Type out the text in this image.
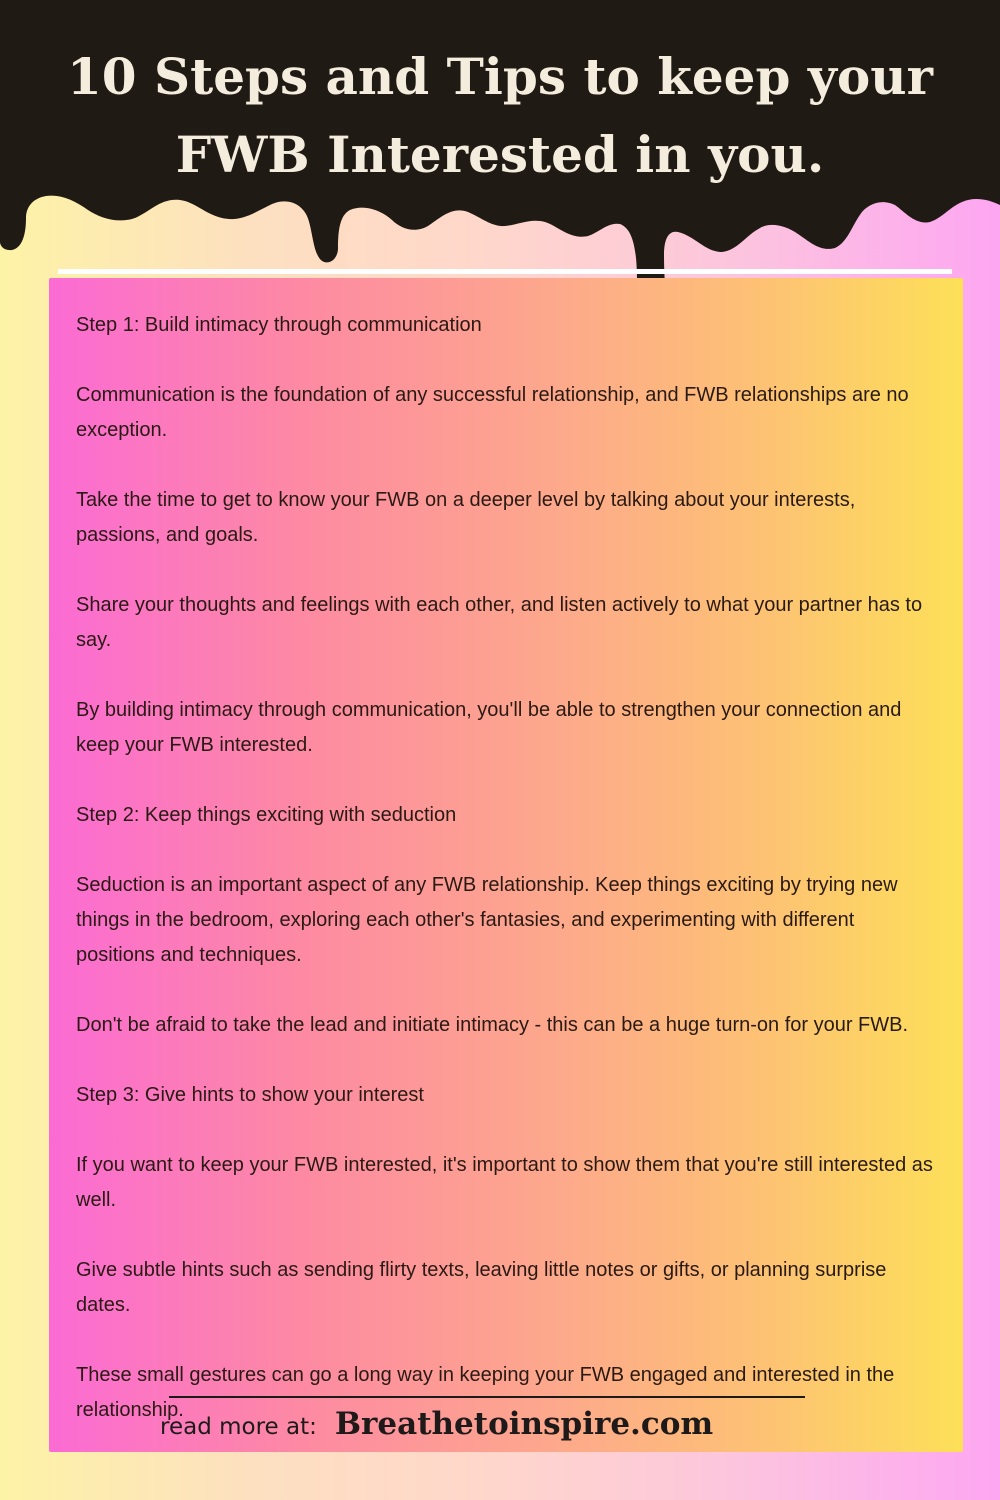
10 Steps and Tips to keep your
FWB Interested in you.

Step 1: Build intimacy through communication

Communication is the foundation of any successful relationship, and FWB relationships are no exception.

Take the time to get to know your FWB on a deeper level by talking about your interests, passions, and goals.

Share your thoughts and feelings with each other, and listen actively to what your partner has to say.

By building intimacy through communication, you'll be able to strengthen your connection and keep your FWB interested.

Step 2: Keep things exciting with seduction

Seduction is an important aspect of any FWB relationship. Keep things exciting by trying new things in the bedroom, exploring each other's fantasies, and experimenting with different positions and techniques.

Don't be afraid to take the lead and initiate intimacy - this can be a huge turn-on for your FWB.

Step 3: Give hints to show your interest

If you want to keep your FWB interested, it's important to show them that you're still interested as well.

Give subtle hints such as sending flirty texts, leaving little notes or gifts, or planning surprise dates.

These small gestures can go a long way in keeping your FWB engaged and interested in the relationship.

read more at: Breathetoinspire.com
